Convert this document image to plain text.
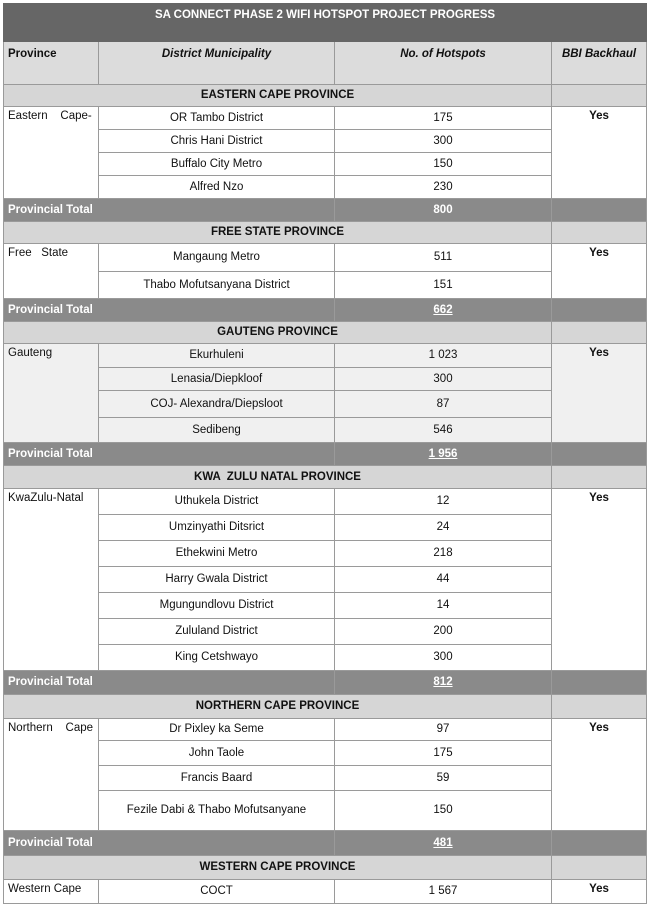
SA CONNECT PHASE 2 WIFI HOTSPOT PROJECT PROGRESS			
Province	District Municipality	No. of Hotspots	BBI Backhaul
EASTERN CAPE PROVINCE			
Eastern    Cape-	OR Tambo District	175	Yes
	Chris Hani District	300	
	Buffalo City Metro	150	
	Alfred Nzo	230	
Provincial Total		800	
FREE STATE PROVINCE			
Free   State	Mangaung Metro	511	Yes
	Thabo Mofutsanyana District	151	
Provincial Total		662	
GAUTENG PROVINCE			
Gauteng	Ekurhuleni	1 023	Yes
	Lenasia/Diepkloof	300	
	COJ- Alexandra/Diepsloot	87	
	Sedibeng	546	
Provincial Total		1 956	
KWA  ZULU NATAL PROVINCE			
KwaZulu-Natal	Uthukela District	12	Yes
	Umzinyathi Ditsrict	24	
	Ethekwini Metro	218	
	Harry Gwala District	44	
	Mgungundlovu District	14	
	Zululand District	200	
	King Cetshwayo	300	
Provincial Total		812	
NORTHERN CAPE PROVINCE			
Northern    Cape	Dr Pixley ka Seme	97	Yes
	John Taole	175	
	Francis Baard	59	
	Fezile Dabi & Thabo Mofutsanyane	150	
Provincial Total		481	
WESTERN CAPE PROVINCE			
Western Cape	COCT	1 567	Yes
